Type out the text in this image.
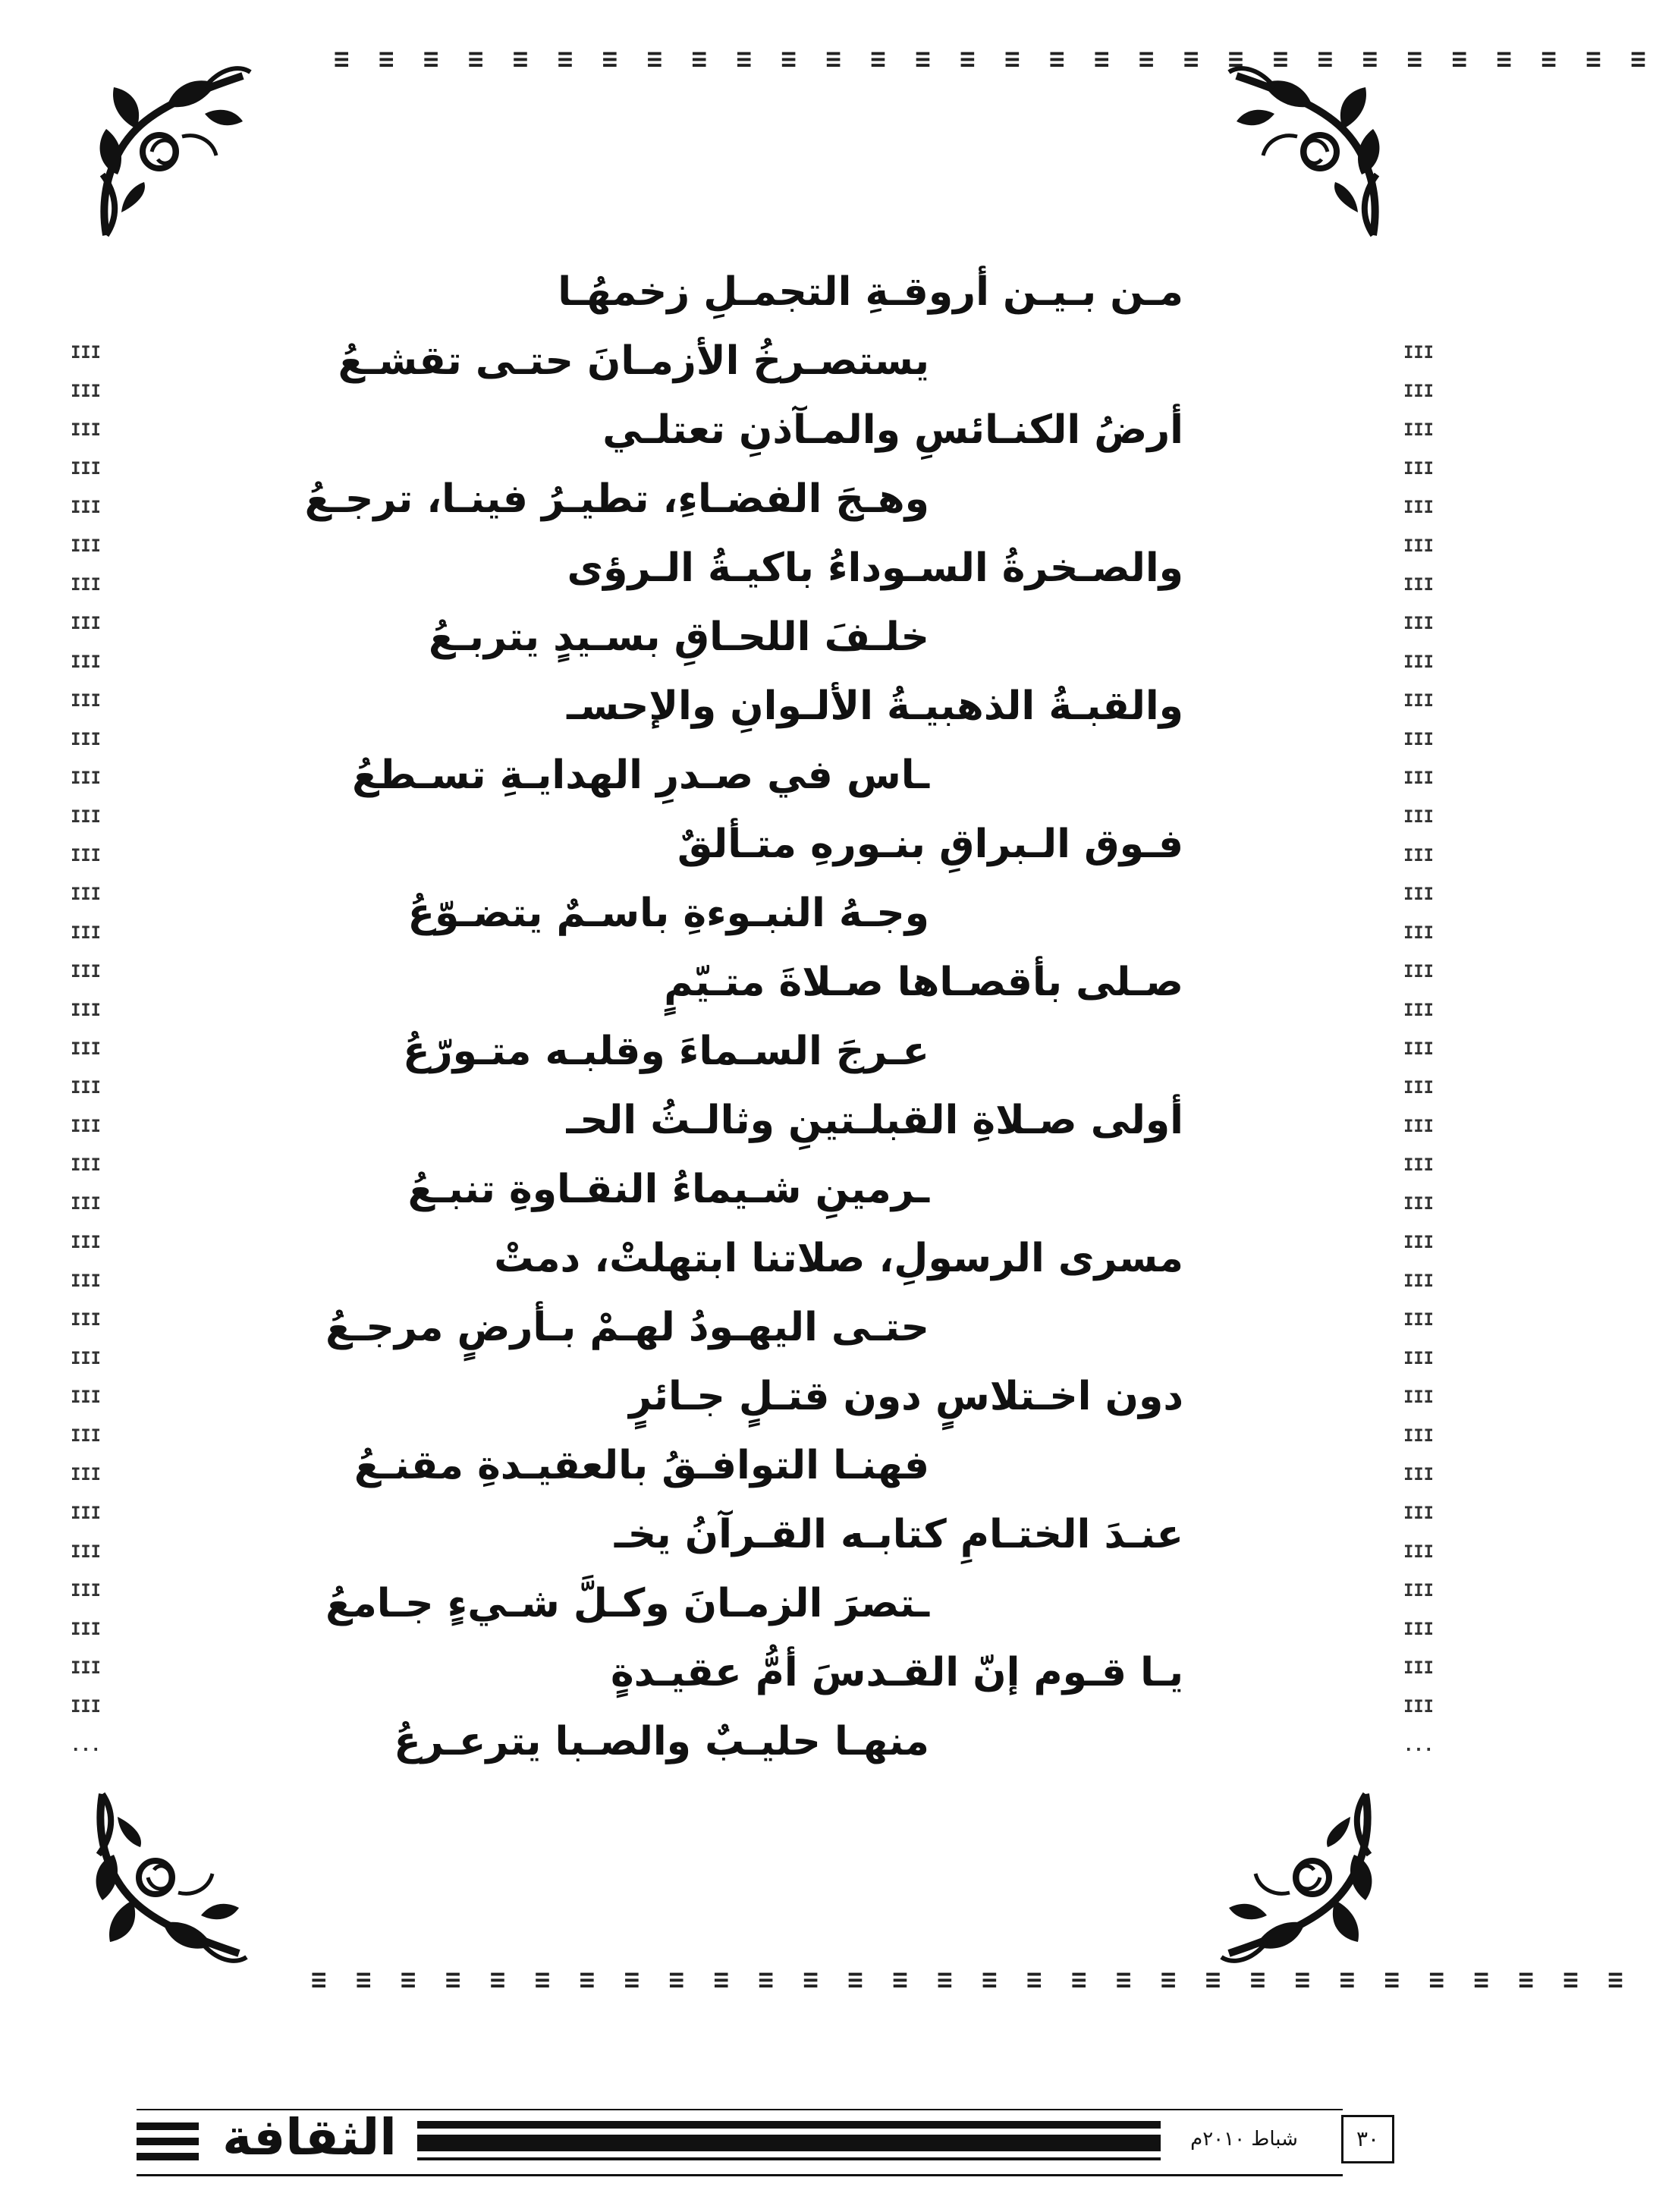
≡ ≡ ≡ ≡ ≡ ≡ ≡ ≡ ≡ ≡ ≡ ≡ ≡ ≡ ≡ ≡ ≡ ≡ ≡ ≡ ≡ ≡ ≡ ≡ ≡ ≡ ≡ ≡ ≡ ≡
III
III
III
III
III
III
III
III
III
III
III
III
III
III
III
III
III
III
III
III
III
III
III
III
III
III
III
III
III
III
III
III
III
III
III
III
...
III
III
III
III
III
III
III
III
III
III
III
III
III
III
III
III
III
III
III
III
III
III
III
III
III
III
III
III
III
III
III
III
III
III
III
III
...
مـن بـيـن أروقـةِ التجمـلِ زخمهُـا
يستصـرخُ الأزمـانَ حتـى تقشـعُ
أرضُ الكنـائسِ والمـآذنِ تعتلـي
وهـجَ الفضـاءِ، تطيـرُ فينـا، ترجـعُ
والصـخرةُ السـوداءُ باكيـةُ الـرؤى
خلـفَ اللحـاقِ بسـيدٍ يتربـعُ
والقبـةُ الذهبيـةُ الألـوانِ والإحسـ
ـاس في صـدرِ الهدايـةِ تسـطعُ
فـوق الـبراقِ بنـورهِ متـألقٌ
وجـهُ النبـوءةِ باسـمٌ يتضـوّعُ
صـلى بأقصـاها صـلاةَ متـيّمٍ
عـرجَ السـماءَ وقلبـه متـورّعُ
أولى صـلاةِ القبلـتينِ وثالـثُ الحـ
ـرمينِ شـيماءُ النقـاوةِ تنبـعُ
مسرى الرسولِ، صلاتنا ابتهلتْ، دمتْ
حتـى اليهـودُ لهـمْ بـأرضٍ مرجـعُ
دون اخـتلاسٍ دون قتـلٍ جـائرٍ
فهنـا التوافـقُ بالعقيـدةِ مقنـعُ
عنـدَ الختـامِ كتابـه القـرآنُ يخـ
ـتصرَ الزمـانَ وكـلَّ شـيءٍ جـامعُ
يـا قـوم إنّ القـدسَ أمُّ عقيـدةٍ
منهـا حليـبٌ والصـبا يترعـرعُ
≡ ≡ ≡ ≡ ≡ ≡ ≡ ≡ ≡ ≡ ≡ ≡ ≡ ≡ ≡ ≡ ≡ ≡ ≡ ≡ ≡ ≡ ≡ ≡ ≡ ≡ ≡ ≡ ≡ ≡
الثقافة	شباط ٢٠١٠م	٣٠
